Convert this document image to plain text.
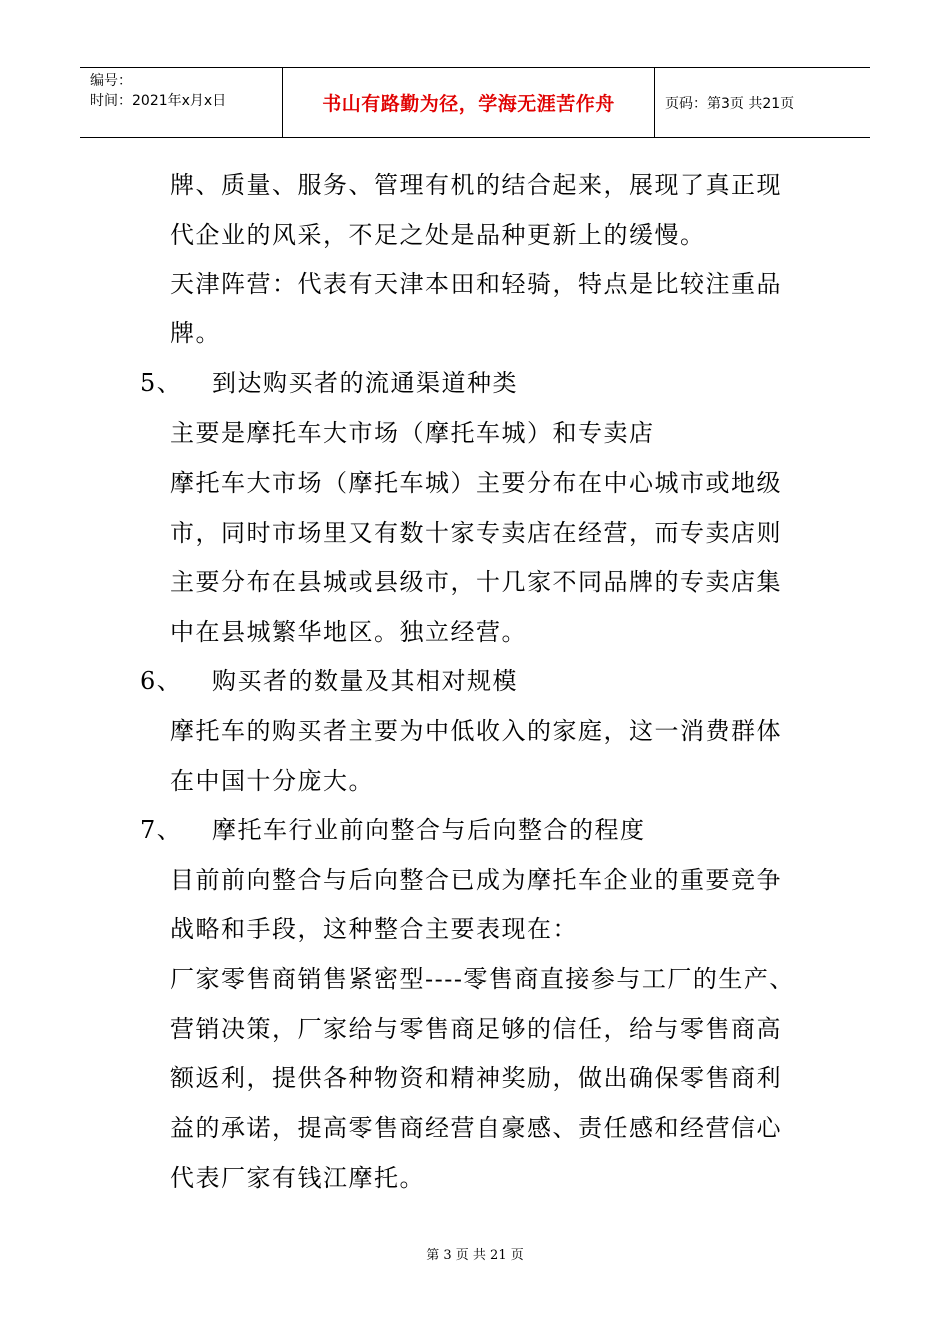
编号：
时间：2021年x月x日	书山有路勤为径，学海无涯苦作舟	页码：第3页 共21页
牌、质量、服务、管理有机的结合起来，展现了真正现
代企业的风采，不足之处是品种更新上的缓慢。
天津阵营：代表有天津本田和轻骑，特点是比较注重品
牌。
5、 到达购买者的流通渠道种类
主要是摩托车大市场（摩托车城）和专卖店
摩托车大市场（摩托车城）主要分布在中心城市或地级
市，同时市场里又有数十家专卖店在经营，而专卖店则
主要分布在县城或县级市，十几家不同品牌的专卖店集
中在县城繁华地区。独立经营。
6、 购买者的数量及其相对规模
摩托车的购买者主要为中低收入的家庭，这一消费群体
在中国十分庞大。
7、 摩托车行业前向整合与后向整合的程度
目前前向整合与后向整合已成为摩托车企业的重要竞争
战略和手段，这种整合主要表现在：
厂家零售商销售紧密型----零售商直接参与工厂的生产、
营销决策，厂家给与零售商足够的信任，给与零售商高
额返利，提供各种物资和精神奖励，做出确保零售商利
益的承诺，提高零售商经营自豪感、责任感和经营信心
代表厂家有钱江摩托。
第 3 页 共 21 页
